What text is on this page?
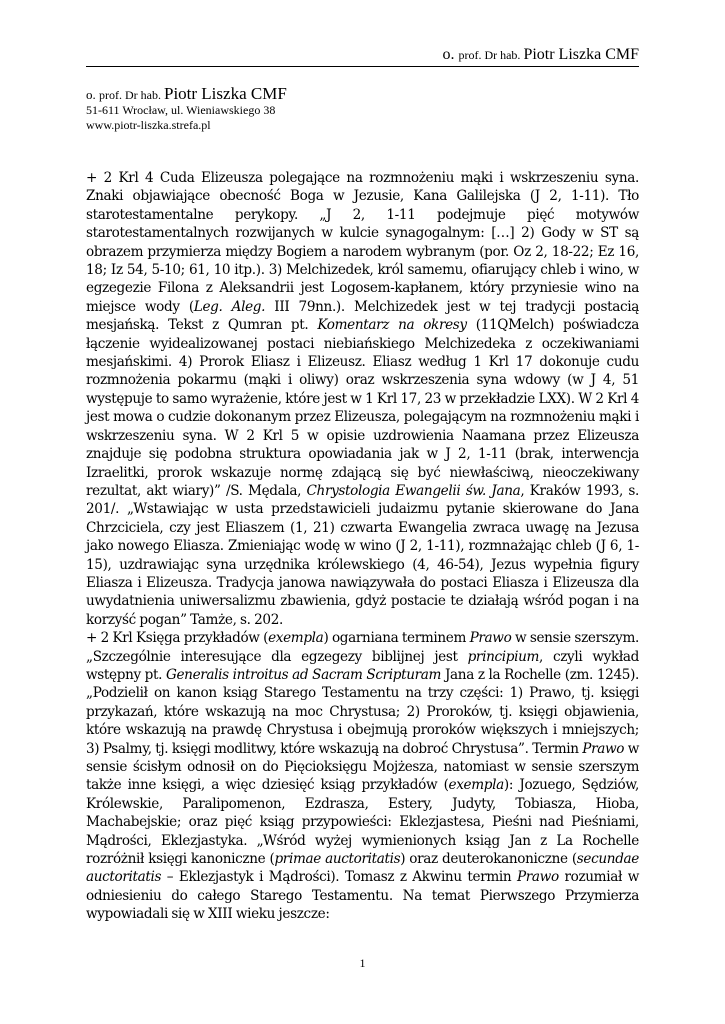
o. prof. Dr hab. Piotr Liszka CMF
o. prof. Dr hab. Piotr Liszka CMF
51-611 Wrocław, ul. Wieniawskiego 38
www.piotr-liszka.strefa.pl

+ 2 Krl 4 Cuda Elizeusza polegające na rozmnożeniu mąki i wskrzeszeniu syna. Znaki objawiające obecność Boga w Jezusie, Kana Galilejska (J 2, 1-11). Tło starotestamentalne perykopy. „J 2, 1-11 podejmuje pięć motywów starotestamentalnych rozwijanych w kulcie synagogalnym: […] 2) Gody w ST są obrazem przymierza między Bogiem a narodem wybranym (por. Oz 2, 18-22; Ez 16, 18; Iz 54, 5-10; 61, 10 itp.). 3) Melchizedek, król samemu, ofiarujący chleb i wino, w egzegezie Filona z Aleksandrii jest Logosem-kapłanem, który przyniesie wino na miejsce wody (Leg. Aleg. III 79nn.). Melchizedek jest w tej tradycji postacią mesjańską. Tekst z Qumran pt. Komentarz na okresy (11QMelch) poświadcza łączenie wyidealizowanej postaci niebiańskiego Melchizedeka z oczekiwaniami mesjańskimi. 4) Prorok Eliasz i Elizeusz. Eliasz według 1 Krl 17 dokonuje cudu rozmnożenia pokarmu (mąki i oliwy) oraz wskrzeszenia syna wdowy (w J 4, 51 występuje to samo wyrażenie, które jest w 1 Krl 17, 23 w przekładzie LXX). W 2 Krl 4 jest mowa o cudzie dokonanym przez Elizeusza, polegającym na rozmnożeniu mąki i wskrzeszeniu syna. W 2 Krl 5 w opisie uzdrowienia Naamana przez Elizeusza znajduje się podobna struktura opowiadania jak w J 2, 1-11 (brak, interwencja Izraelitki, prorok wskazuje normę zdającą się być niewłaściwą, nieoczekiwany rezultat, akt wiary)” /S. Mędala, Chrystologia Ewangelii św. Jana, Kraków 1993, s. 201/. „Wstawiając w usta przedstawicieli judaizmu pytanie skierowane do Jana Chrzciciela, czy jest Eliaszem (1, 21) czwarta Ewangelia zwraca uwagę na Jezusa jako nowego Eliasza. Zmieniając wodę w wino (J 2, 1-11), rozmnażając chleb (J 6, 1-15), uzdrawiając syna urzędnika królewskiego (4, 46-54), Jezus wypełnia figury Eliasza i Elizeusza. Tradycja janowa nawiązywała do postaci Eliasza i Elizeusza dla uwydatnienia uniwersalizmu zbawienia, gdyż postacie te działają wśród pogan i na korzyść pogan” Tamże, s. 202.

+ 2 Krl Księga przykładów (exempla) ogarniana terminem Prawo w sensie szerszym. „Szczególnie interesujące dla egzegezy biblijnej jest principium, czyli wykład wstępny pt. Generalis introitus ad Sacram Scripturam Jana z la Rochelle (zm. 1245). „Podzielił on kanon ksiąg Starego Testamentu na trzy części: 1) Prawo, tj. księgi przykazań, które wskazują na moc Chrystusa; 2) Proroków, tj. księgi objawienia, które wskazują na prawdę Chrystusa i obejmują proroków większych i mniejszych; 3) Psalmy, tj. księgi modlitwy, które wskazują na dobroć Chrystusa”. Termin Prawo w sensie ścisłym odnosił on do Pięcioksięgu Mojżesza, natomiast w sensie szerszym także inne księgi, a więc dziesięć ksiąg przykładów (exempla): Jozuego, Sędziów, Królewskie, Paralipomenon, Ezdrasza, Estery, Judyty, Tobiasza, Hioba, Machabejskie; oraz pięć ksiąg przypowieści: Eklezjastesa, Pieśni nad Pieśniami, Mądrości, Eklezjastyka. „Wśród wyżej wymienionych ksiąg Jan z La Rochelle rozróżnił księgi kanoniczne (primae auctoritatis) oraz deuterokanoniczne (secundae auctoritatis – Eklezjastyk i Mądrości). Tomasz z Akwinu termin Prawo rozumiał w odniesieniu do całego Starego Testamentu. Na temat Pierwszego Przymierza wypowiadali się w XIII wieku jeszcze:

1
